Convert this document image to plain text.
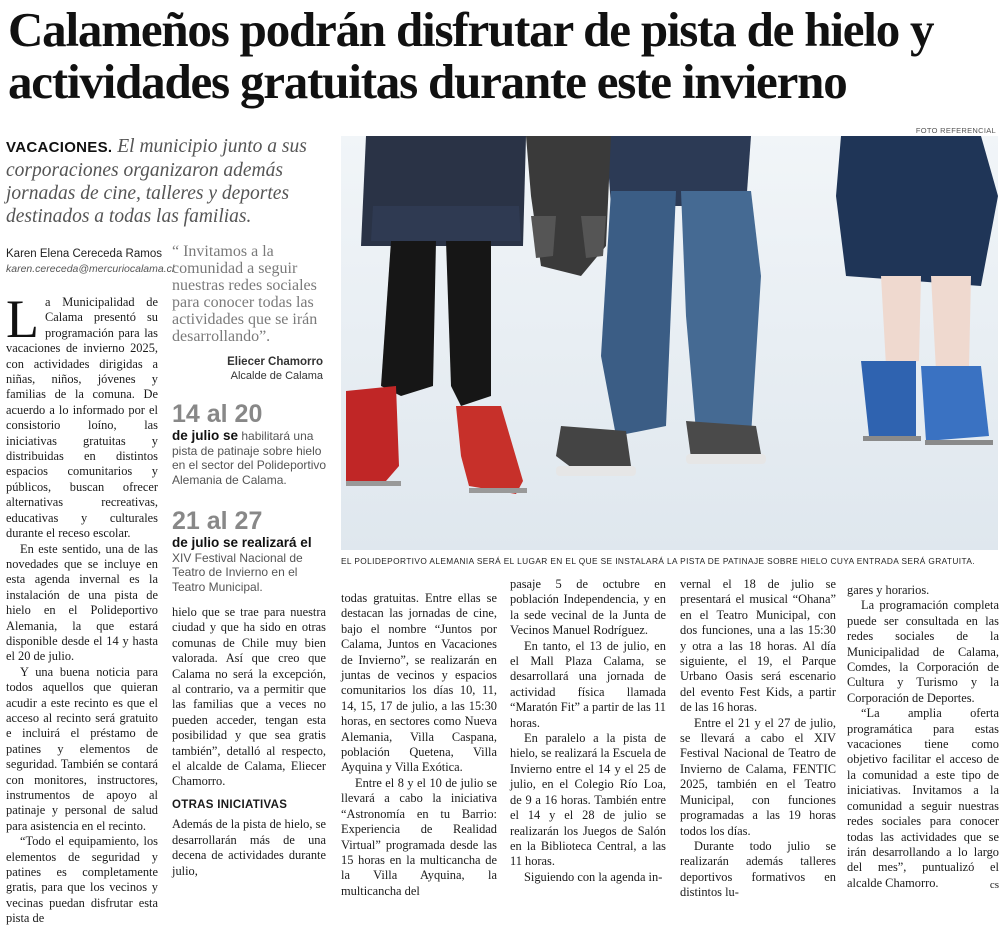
Calameños podrán disfrutar de pista de hielo y actividades gratuitas durante este invierno
VACACIONES. El municipio junto a sus corporaciones organizaron además jornadas de cine, talleres y deportes destinados a todas las familias.
Karen Elena Cereceda Ramos
karen.cereceda@mercuriocalama.cl
“ Invitamos a la comunidad a seguir nuestras redes sociales para conocer todas las actividades que se irán desarrollando”.
Eliecer Chamorro
Alcalde de Calama

La Municipalidad de Calama presentó su programación para las vacaciones de invierno 2025, con actividades dirigidas a niñas, niños, jóvenes y familias de la comuna. De acuerdo a lo informado por el consistorio loíno, las iniciativas gratuitas y distribuidas en distintos espacios comunitarios y públicos, buscan ofrecer alternativas recreativas, educativas y culturales durante el receso escolar.

En este sentido, una de las novedades que se incluye en esta agenda invernal es la instalación de una pista de hielo en el Polideportivo Alemania, la que estará disponible desde el 14 y hasta el 20 de julio.

Y una buena noticia para todos aquellos que quieran acudir a este recinto es que el acceso al recinto será gratuito e incluirá el préstamo de patines y elementos de seguridad. También se contará con monitores, instructores, instrumentos de apoyo al patinaje y personal de salud para asistencia en el recinto.

“Todo el equipamiento, los elementos de seguridad y patines es completamente gratis, para que los vecinos y vecinas puedan disfrutar esta pista de

14 al 20
de julio se habilitará una pista de patinaje sobre hielo en el sector del Polideportivo Alemania de Calama.
21 al 27
de julio se realizará el XIV Festival Nacional de Teatro de Invierno en el Teatro Municipal.

hielo que se trae para nuestra ciudad y que ha sido en otras comunas de Chile muy bien valorada. Así que creo que Calama no será la excepción, al contrario, va a permitir que las familias que a veces no pueden acceder, tengan esta posibilidad y que sea gratis también”, detalló al respecto, el alcalde de Calama, Eliecer Chamorro.

OTRAS INICIATIVAS

Además de la pista de hielo, se desarrollarán más de una decena de actividades durante julio,

todas gratuitas. Entre ellas se destacan las jornadas de cine, bajo el nombre “Juntos por Calama, Juntos en Vacaciones de Invierno”, se realizarán en juntas de vecinos y espacios comunitarios los días 10, 11, 14, 15, 17 de julio, a las 15:30 horas, en sectores como Nueva Alemania, Villa Caspana, población Quetena, Villa Ayquina y Villa Exótica.

Entre el 8 y el 10 de julio se llevará a cabo la iniciativa “Astronomía en tu Barrio: Experiencia de Realidad Virtual” programada desde las 15 horas en la multicancha de la Villa Ayquina, la multicancha del

pasaje 5 de octubre en población Independencia, y en la sede vecinal de la Junta de Vecinos Manuel Rodríguez.

En tanto, el 13 de julio, en el Mall Plaza Calama, se desarrollará una jornada de actividad física llamada “Maratón Fit” a partir de las 11 horas.

En paralelo a la pista de hielo, se realizará la Escuela de Invierno entre el 14 y el 25 de julio, en el Colegio Río Loa, de 9 a 16 horas. También entre el 14 y el 28 de julio se realizarán los Juegos de Salón en la Biblioteca Central, a las 11 horas.

Siguiendo con la agenda in-

vernal el 18 de julio se presentará el musical “Ohana” en el Teatro Municipal, con dos funciones, una a las 15:30 y otra a las 18 horas. Al día siguiente, el 19, el Parque Urbano Oasis será escenario del evento Fest Kids, a partir de las 16 horas.

Entre el 21 y el 27 de julio, se llevará a cabo el XIV Festival Nacional de Teatro de Invierno de Calama, FENTIC 2025, también en el Teatro Municipal, con funciones programadas a las 19 horas todos los días.

Durante todo julio se realizarán además talleres deportivos formativos en distintos lu-

gares y horarios.

La programación completa puede ser consultada en las redes sociales de la Municipalidad de Calama, Comdes, la Corporación de Cultura y Turismo y la Corporación de Deportes.

“La amplia oferta programática para estas vacaciones tiene como objetivo facilitar el acceso de la comunidad a este tipo de iniciativas. Invitamos a la comunidad a seguir nuestras redes sociales para conocer todas las actividades que se irán desarrollando a lo largo del mes”, puntualizó el alcalde Chamorro.	cs

FOTO REFERENCIAL
EL POLIDEPORTIVO ALEMANIA SERÁ EL LUGAR EN EL QUE SE INSTALARÁ LA PISTA DE PATINAJE SOBRE HIELO CUYA ENTRADA SERÁ GRATUITA.
